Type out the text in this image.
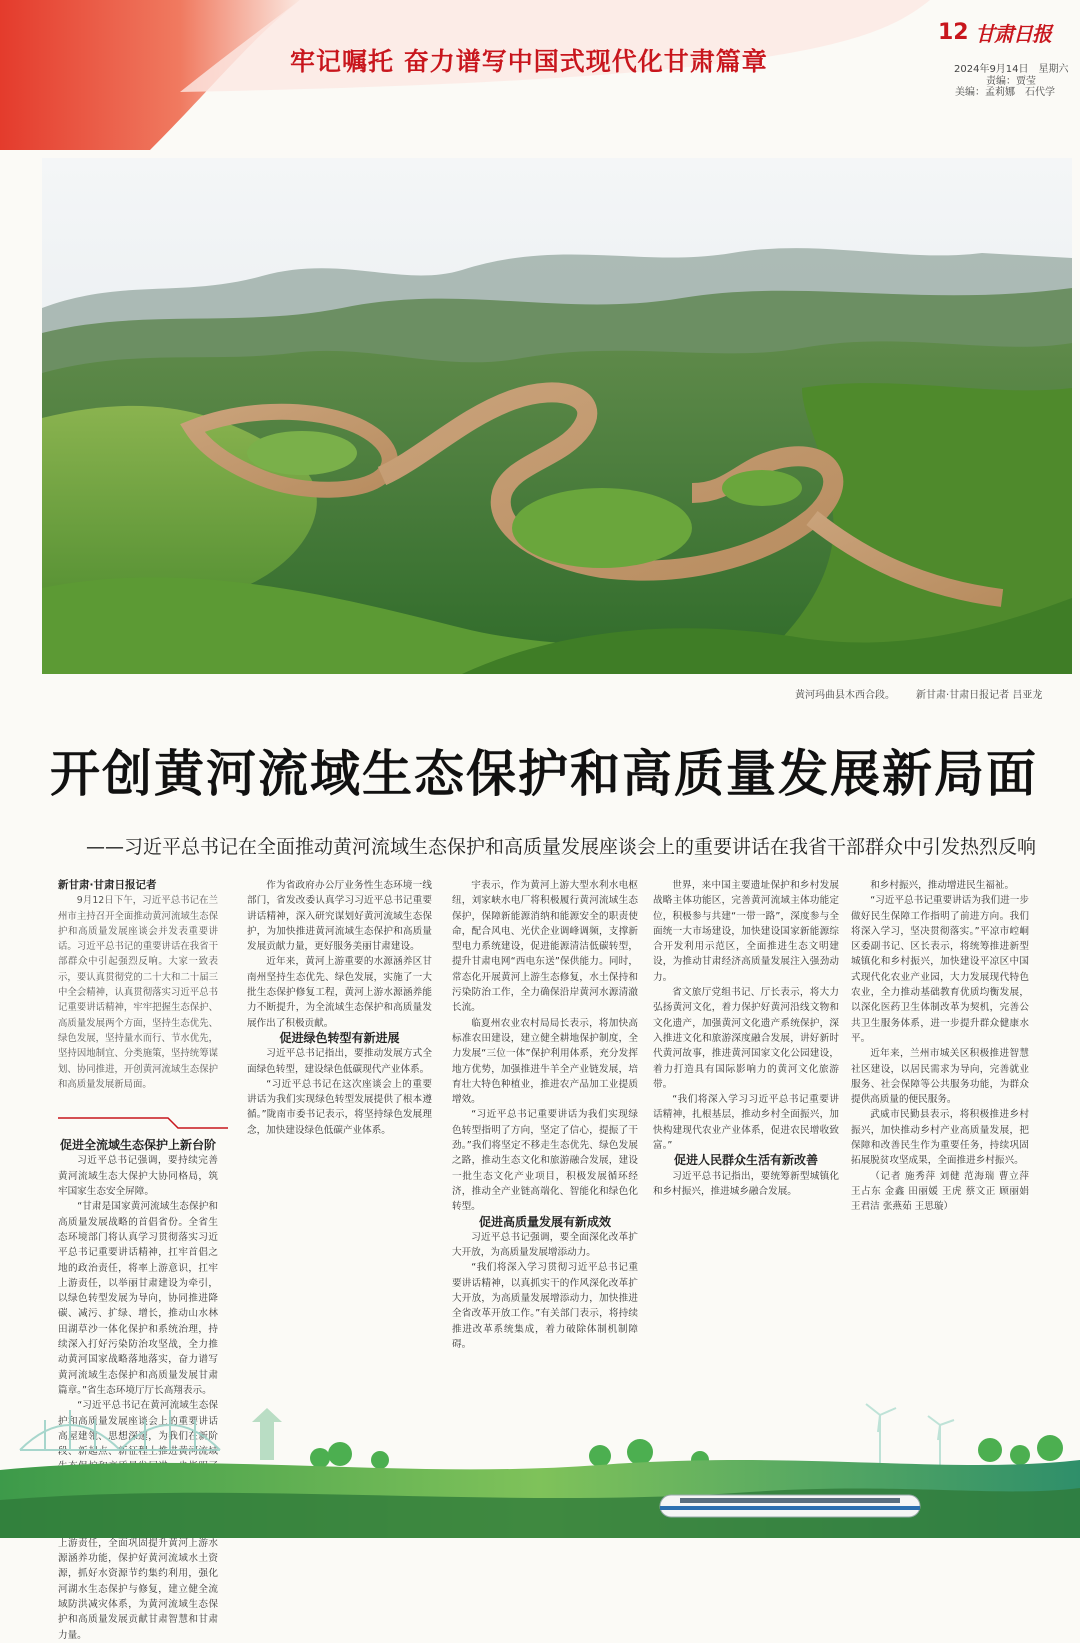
牢记嘱托 奋力谱写中国式现代化甘肃篇章
12 甘肃日报
2024年9月14日　星期六
责编：贾莹
美编：孟莉娜　石代学
黄河玛曲县木西合段。 新甘肃·甘肃日报记者 吕亚龙
开创黄河流域生态保护和高质量发展新局面
——习近平总书记在全面推动黄河流域生态保护和高质量发展座谈会上的重要讲话在我省干部群众中引发热烈反响

新甘肃·甘肃日报记者

9月12日下午，习近平总书记在兰州市主持召开全面推动黄河流域生态保护和高质量发展座谈会并发表重要讲话。习近平总书记的重要讲话在我省干部群众中引起强烈反响。大家一致表示，要认真贯彻党的二十大和二十届三中全会精神，认真贯彻落实习近平总书记重要讲话精神，牢牢把握生态保护、高质量发展两个方面，坚持生态优先、绿色发展，坚持量水而行、节水优先，坚持因地制宜、分类施策，坚持统筹谋划、协同推进，开创黄河流域生态保护和高质量发展新局面。

促进全流域生态保护上新台阶

习近平总书记强调，要持续完善黄河流域生态大保护大协同格局，筑牢国家生态安全屏障。

“甘肃是国家黄河流域生态保护和高质量发展战略的首倡省份。全省生态环境部门将认真学习贯彻落实习近平总书记重要讲话精神，扛牢首倡之地的政治责任，将率上游意识，扛牢上游责任，以举丽甘肃建设为牵引，以绿色转型发展为导向，协同推进降碳、减污、扩绿、增长，推动山水林田湖草沙一体化保护和系统治理，持续深入打好污染防治攻坚战，全力推动黄河国家战略落地落实，奋力谱写黄河流域生态保护和高质量发展甘肃篇章。”省生态环境厅厅长高翔表示。

“习近平总书记在黄河流域生态保护和高质量发展座谈会上的重要讲话高屋建瓴、思想深邃，为我们在新阶段、新起点、新征程上推进黄河流域 上游责任，全面巩固提升黄河上游水源涵养功能，保护好黄河流域水土资源，抓好水资源节约集约利用，强化河湖水生态保护与修复，建立健全流域防洪减灾体系，为黄河流域生态保护和高质量发展贡献甘肃智慧和甘肃力量。

作为省政府办公厅业务性生态环境一线部门，省发改委认真学习习近平总书记重要讲话精神，深入研究谋划好黄河流域生态保护，为加快推进黄河流域生态保护和高质量发展贡献力量，更好服务美丽甘肃建设。

近年来，黄河上游重要的水源涵养区甘南州坚持生态优先、绿色发展，实施了一大批生态保护修复工程，黄河上游水源涵养能力不断提升，为全流域生态保护和高质量发展作出了积极贡献。

促进绿色转型有新进展

习近平总书记指出，要推动发展方式全面绿色转型，建设绿色低碳现代产业体系。

“习近平总书记在这次座谈会上的重要讲话为我们实现绿色转型发展提供了根本遵循。”陇南市委书记表示，将坚持绿色发展理念，加快建设绿色低碳产业体系。

宇表示，作为黄河上游大型水利水电枢纽，刘家峡水电厂将积极履行黄河流域生态保护，保障新能源消纳和能源安全的职责使命，配合风电、光伏企业调峰调频，支撑新型电力系统建设，促进能源清洁低碳转型，提升甘肃电网“西电东送”保供能力。同时，常态化开展黄河上游生态修复，水土保持和污染防治工作，全力确保沿岸黄河水源清澈长流。

临夏州农业农村局局长表示，将加快高标准农田建设，建立健全耕地保护制度，全力发展“三位一体”保护利用体系，充分发挥地方优势，加强推进牛羊全产业链发展，培育壮大特色种植业，推进农产品加工业提质增效。

“习近平总书记重要讲话为我们实现绿色转型指明了方向，坚定了信心，提振了干劲。”我们将坚定不移走生态优先、绿色发展之路，推动生态文化和旅游融合发展，建设一批生态文化产业项目，积极发展循环经济，推动全产业链高端化、智能化和绿色化转型。

促进高质量发展有新成效

习近平总书记强调，要全面深化改革扩大开放，为高质量发展增添动力。

“我们将深入学习贯彻习近平总书记重要讲话精神，以真抓实干的作风深化改革扩大开放，为高质量发展增添动力，加快推进全省改革开放工作。”有关部门表示，将持续推进改革系统集成，着力破除体制机制障碍。

世界，来中国主要遗址保护和乡村发展战略主体功能区，完善黄河流域主体功能定位，积极参与共建“一带一路”，深度参与全面统一大市场建设，加快建设国家新能源综合开发利用示范区，全面推进生态文明建设，为推动甘肃经济高质量发展注入强劲动力。

省文旅厅党组书记、厅长表示，将大力弘扬黄河文化，着力保护好黄河沿线文物和文化遗产，加强黄河文化遗产系统保护，深入推进文化和旅游深度融合发展，讲好新时代黄河故事，推进黄河国家文化公园建设，着力打造具有国际影响力的黄河文化旅游带。

“我们将深入学习习近平总书记重要讲话精神，扎根基层，推动乡村全面振兴，加快构建现代农业产业体系，促进农民增收致富。”

促进人民群众生活有新改善

习近平总书记指出，要统筹新型城镇化和乡村振兴，推进城乡融合发展。

和乡村振兴，推动增进民生福祉。

“习近平总书记重要讲话为我们进一步做好民生保障工作指明了前进方向。我们将深入学习，坚决贯彻落实。”平凉市崆峒区委副书记、区长表示，将统筹推进新型城镇化和乡村振兴，加快建设平凉区中国式现代化农业产业园，大力发展现代特色农业，全力推动基础教育优质均衡发展，以深化医药卫生体制改革为契机，完善公共卫生服务体系，进一步提升群众健康水平。

近年来，兰州市城关区积极推进智慧社区建设，以居民需求为导向，完善就业服务、社会保障等公共服务功能，为群众提供高质量的便民服务。

武威市民勤县表示，将积极推进乡村振兴，加快推动乡村产业高质量发展，把保障和改善民生作为重要任务，持续巩固拓展脱贫攻坚成果，全面推进乡村振兴。

（记者 施秀萍 刘健 范海瑞 曹立萍 王占东 金鑫 田丽媛 王虎 蔡文正 顾丽娟 王君洁 张燕茹 王思璇）
